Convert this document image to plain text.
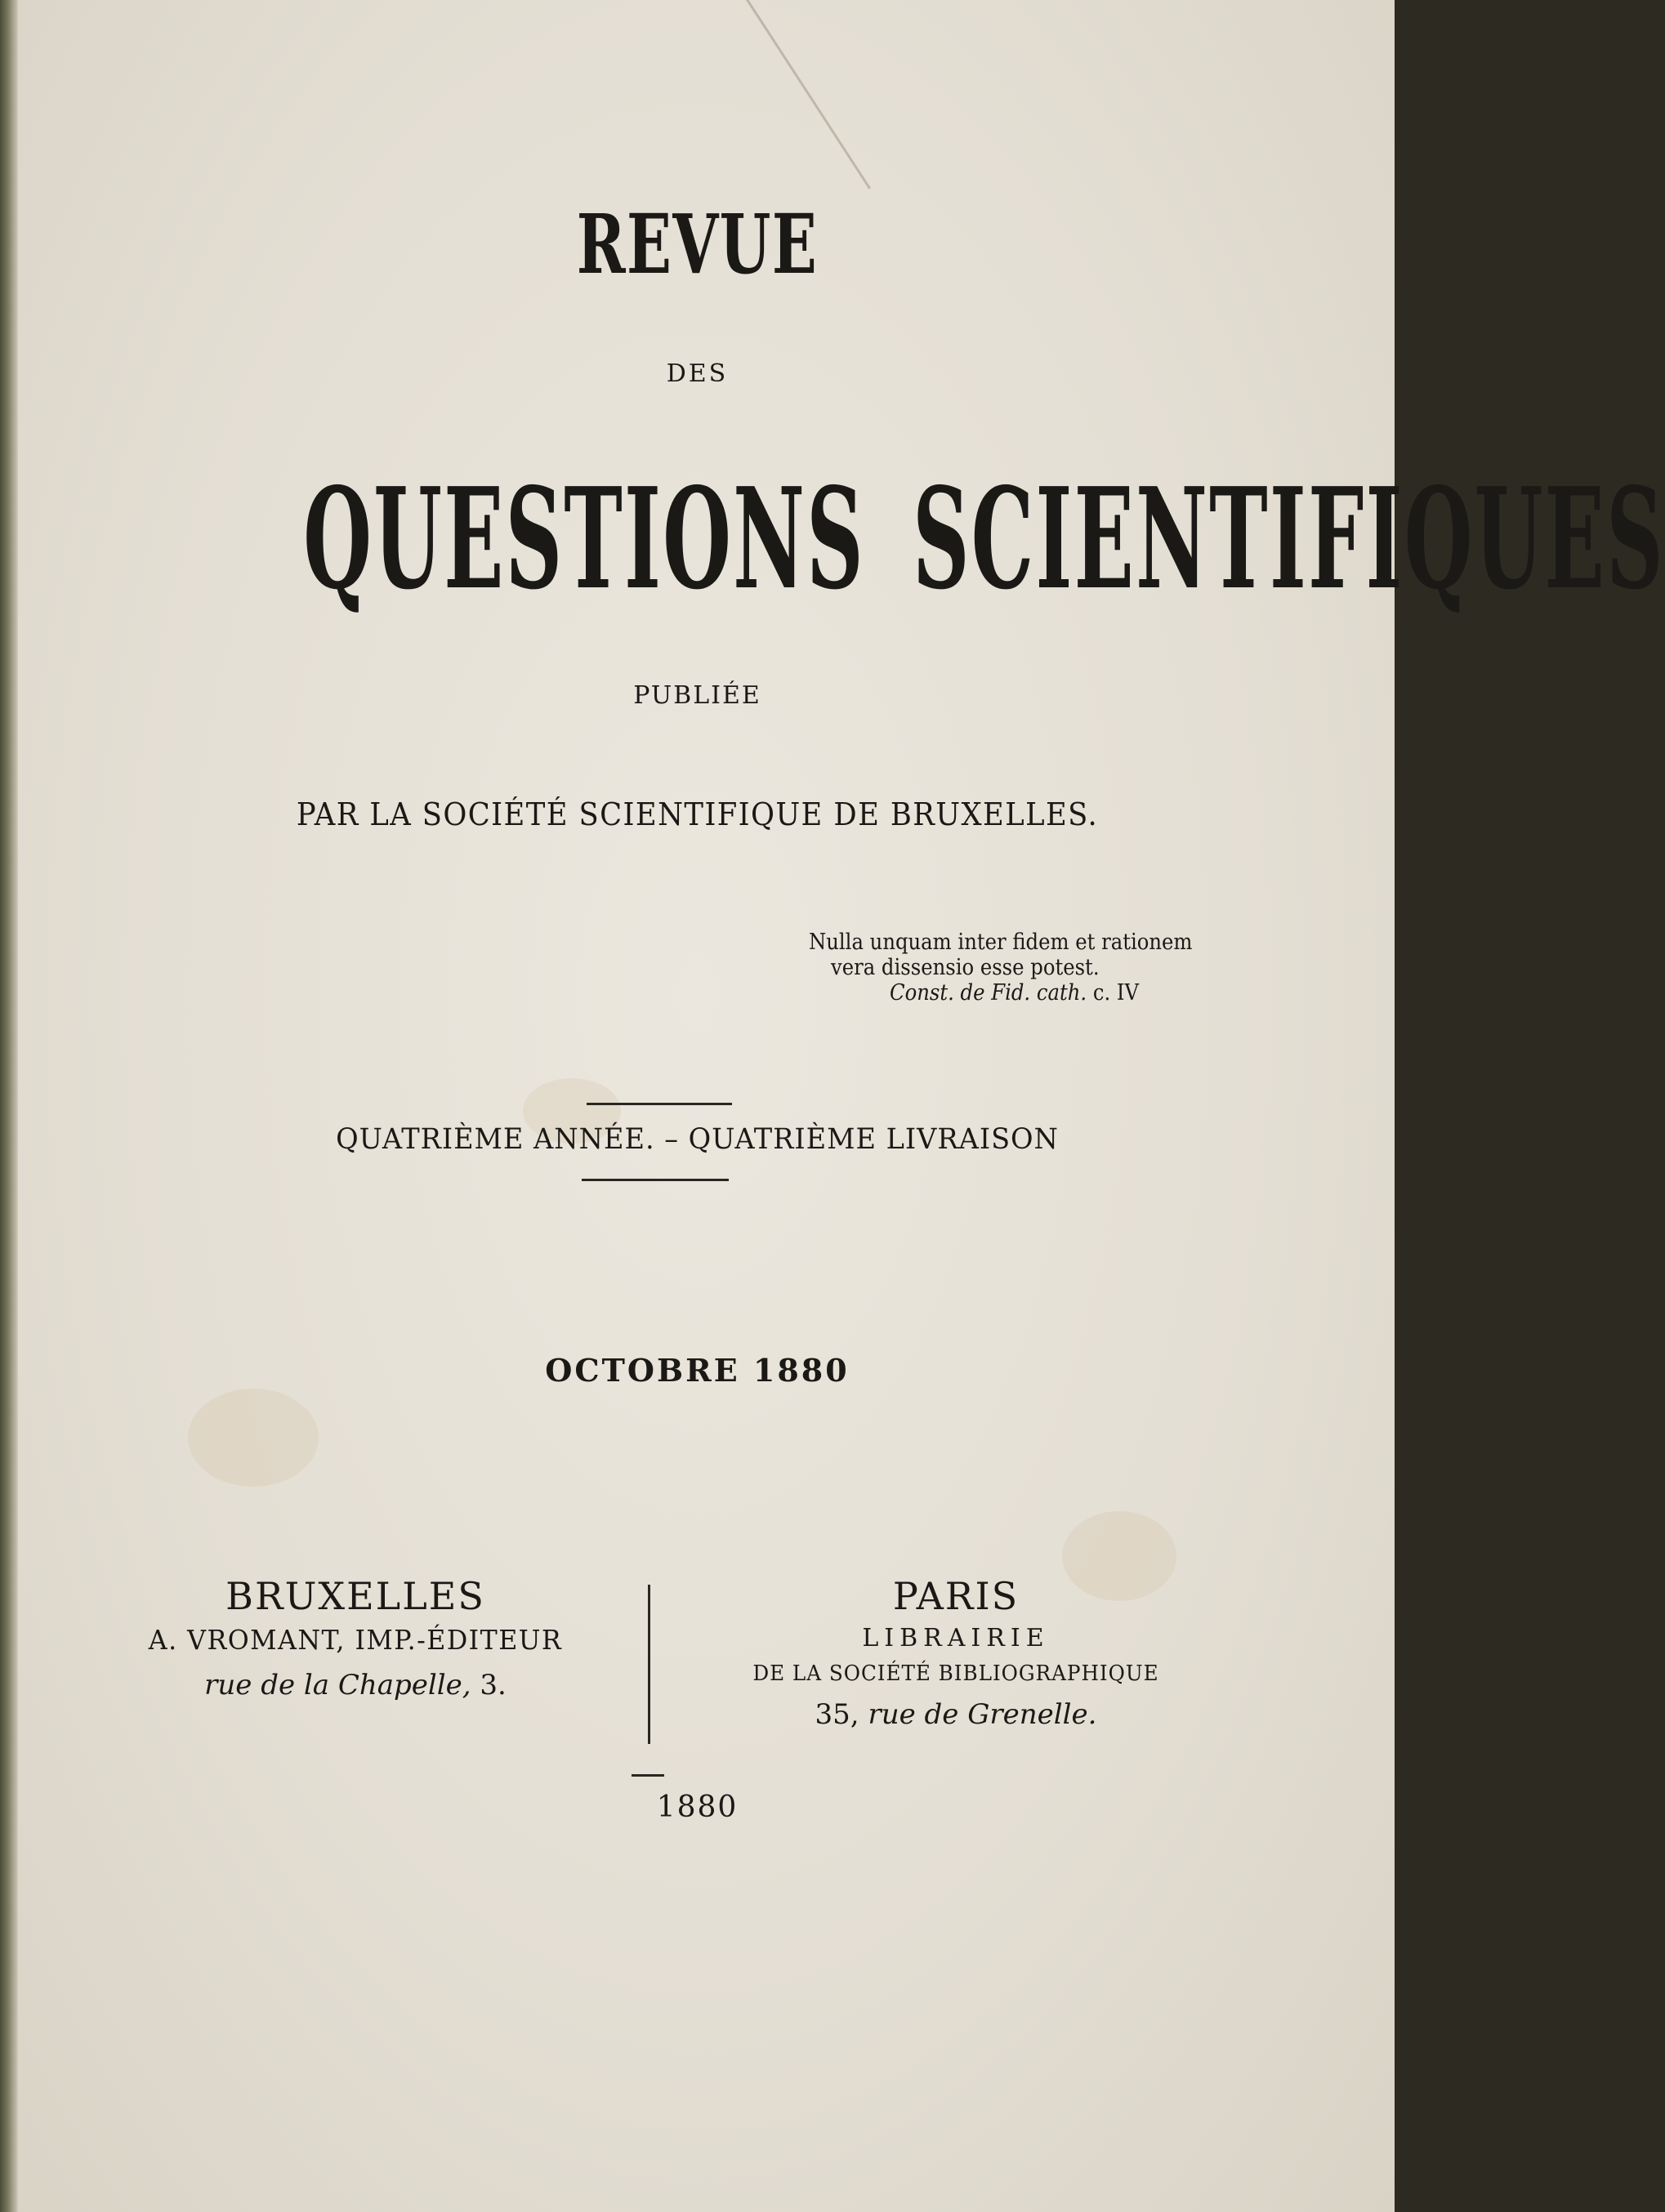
REVUE
DES
QUESTIONS SCIENTIFIQUES
PUBLIÉE
PAR LA SOCIÉTÉ SCIENTIFIQUE DE BRUXELLES.
Nulla unquam inter fidem et rationem
vera dissensio esse potest.
Const. de Fid. cath. c. IV
QUATRIÈME ANNÉE. – QUATRIÈME LIVRAISON
OCTOBRE 1880
BRUXELLES
A. VROMANT, IMP.-ÉDITEUR
rue de la Chapelle, 3.
PARIS
LIBRAIRIE
DE LA SOCIÉTÉ BIBLIOGRAPHIQUE
35, rue de Grenelle.
1880
